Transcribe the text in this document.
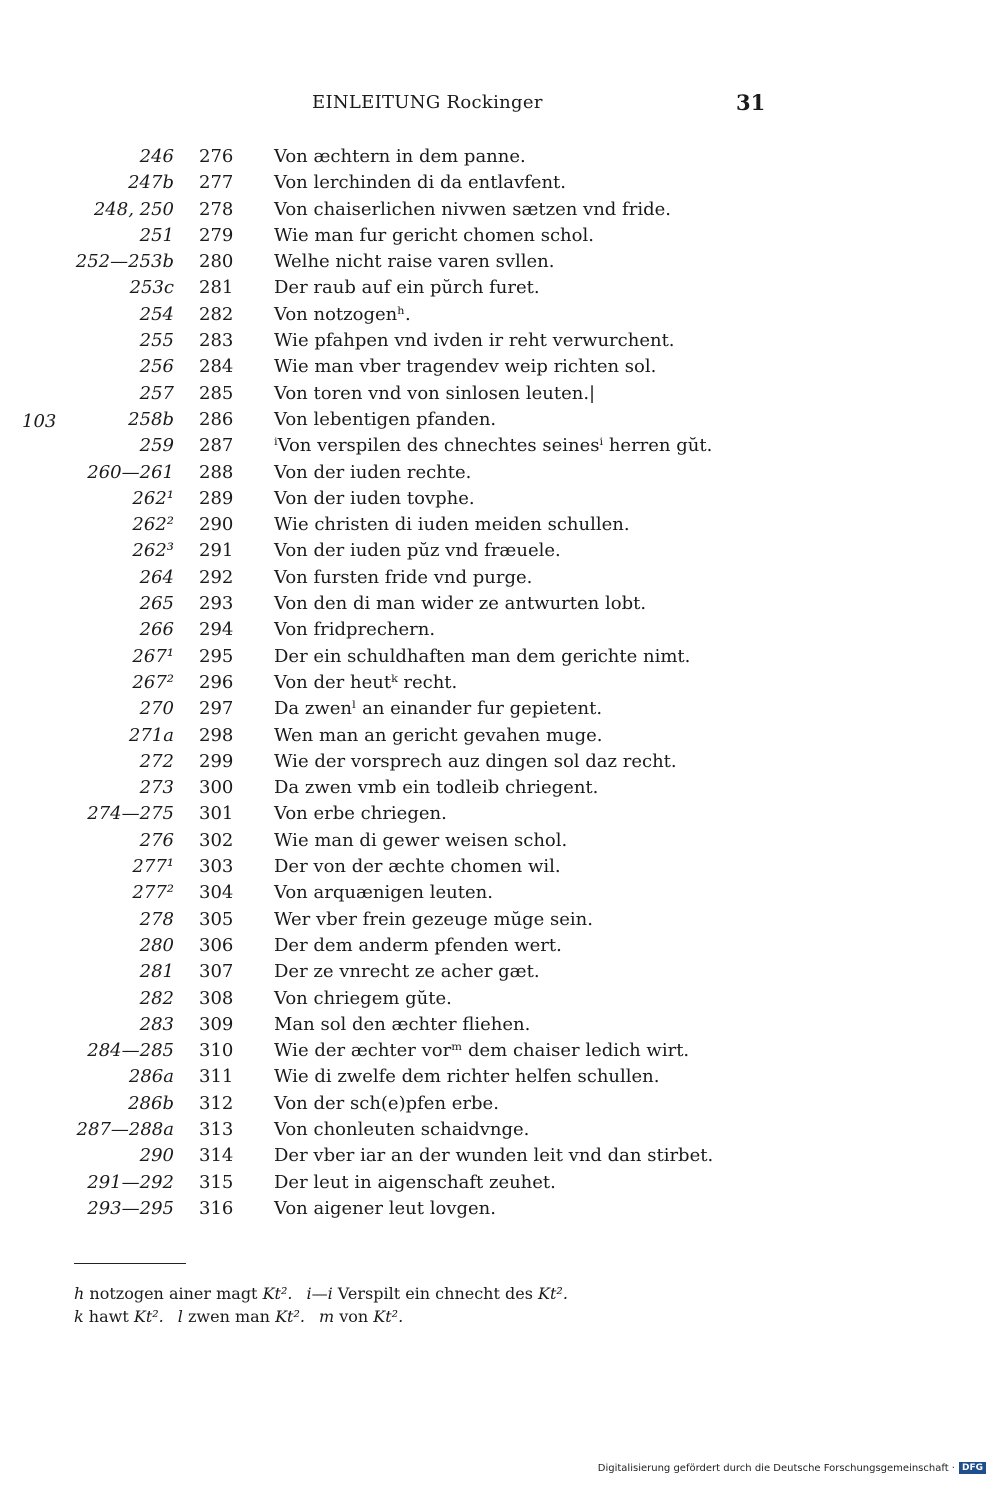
EINLEITUNG Rockinger	31
103
246 276 Von æchtern in dem panne.
247b 277 Von lerchinden di da entlavfent.
248, 250 278 Von chaiserlichen nivwen sætzen vnd fride.
251 279 Wie man fur gericht chomen schol.
252—253b 280 Welhe nicht raise varen svllen.
253c 281 Der raub auf ein pŭrch furet.
254 282 Von notzogenʰ.
255 283 Wie pfahpen vnd ivden ir reht verwurchent.
256 284 Wie man vber tragendev weip richten sol.
257 285 Von toren vnd von sinlosen leuten.|
258b 286 Von lebentigen pfanden.
259 287 ⁱVon verspilen des chnechtes seinesⁱ herren gŭt.
260—261 288 Von der iuden rechte.
262¹ 289 Von der iuden tovphe.
262² 290 Wie christen di iuden meiden schullen.
262³ 291 Von der iuden pŭz vnd fræuele.
264 292 Von fursten fride vnd purge.
265 293 Von den di man wider ze antwurten lobt.
266 294 Von fridprechern.
267¹ 295 Der ein schuldhaften man dem gerichte nimt.
267² 296 Von der heutᵏ recht.
270 297 Da zwenˡ an einander fur gepietent.
271a 298 Wen man an gericht gevahen muge.
272 299 Wie der vorsprech auz dingen sol daz recht.
273 300 Da zwen vmb ein todleib chriegent.
274—275 301 Von erbe chriegen.
276 302 Wie man di gewer weisen schol.
277¹ 303 Der von der æchte chomen wil.
277² 304 Von arquænigen leuten.
278 305 Wer vber frein gezeuge mŭge sein.
280 306 Der dem anderm pfenden wert.
281 307 Der ze vnrecht ze acher gæt.
282 308 Von chriegem gŭte.
283 309 Man sol den æchter fliehen.
284—285 310 Wie der æchter vorᵐ dem chaiser ledich wirt.
286a 311 Wie di zwelfe dem richter helfen schullen.
286b 312 Von der sch(e)pfen erbe.
287—288a 313 Von chonleuten schaidvnge.
290 314 Der vber iar an der wunden leit vnd dan stirbet.
291—292 315 Der leut in aigenschaft zeuhet.
293—295 316 Von aigener leut lovgen.
h notzogen ainer magt Kt². i—i Verspilt ein chnecht des Kt².
k hawt Kt². l zwen man Kt². m von Kt².
Digitalisierung gefördert durch die Deutsche Forschungsgemeinschaft · DFG
